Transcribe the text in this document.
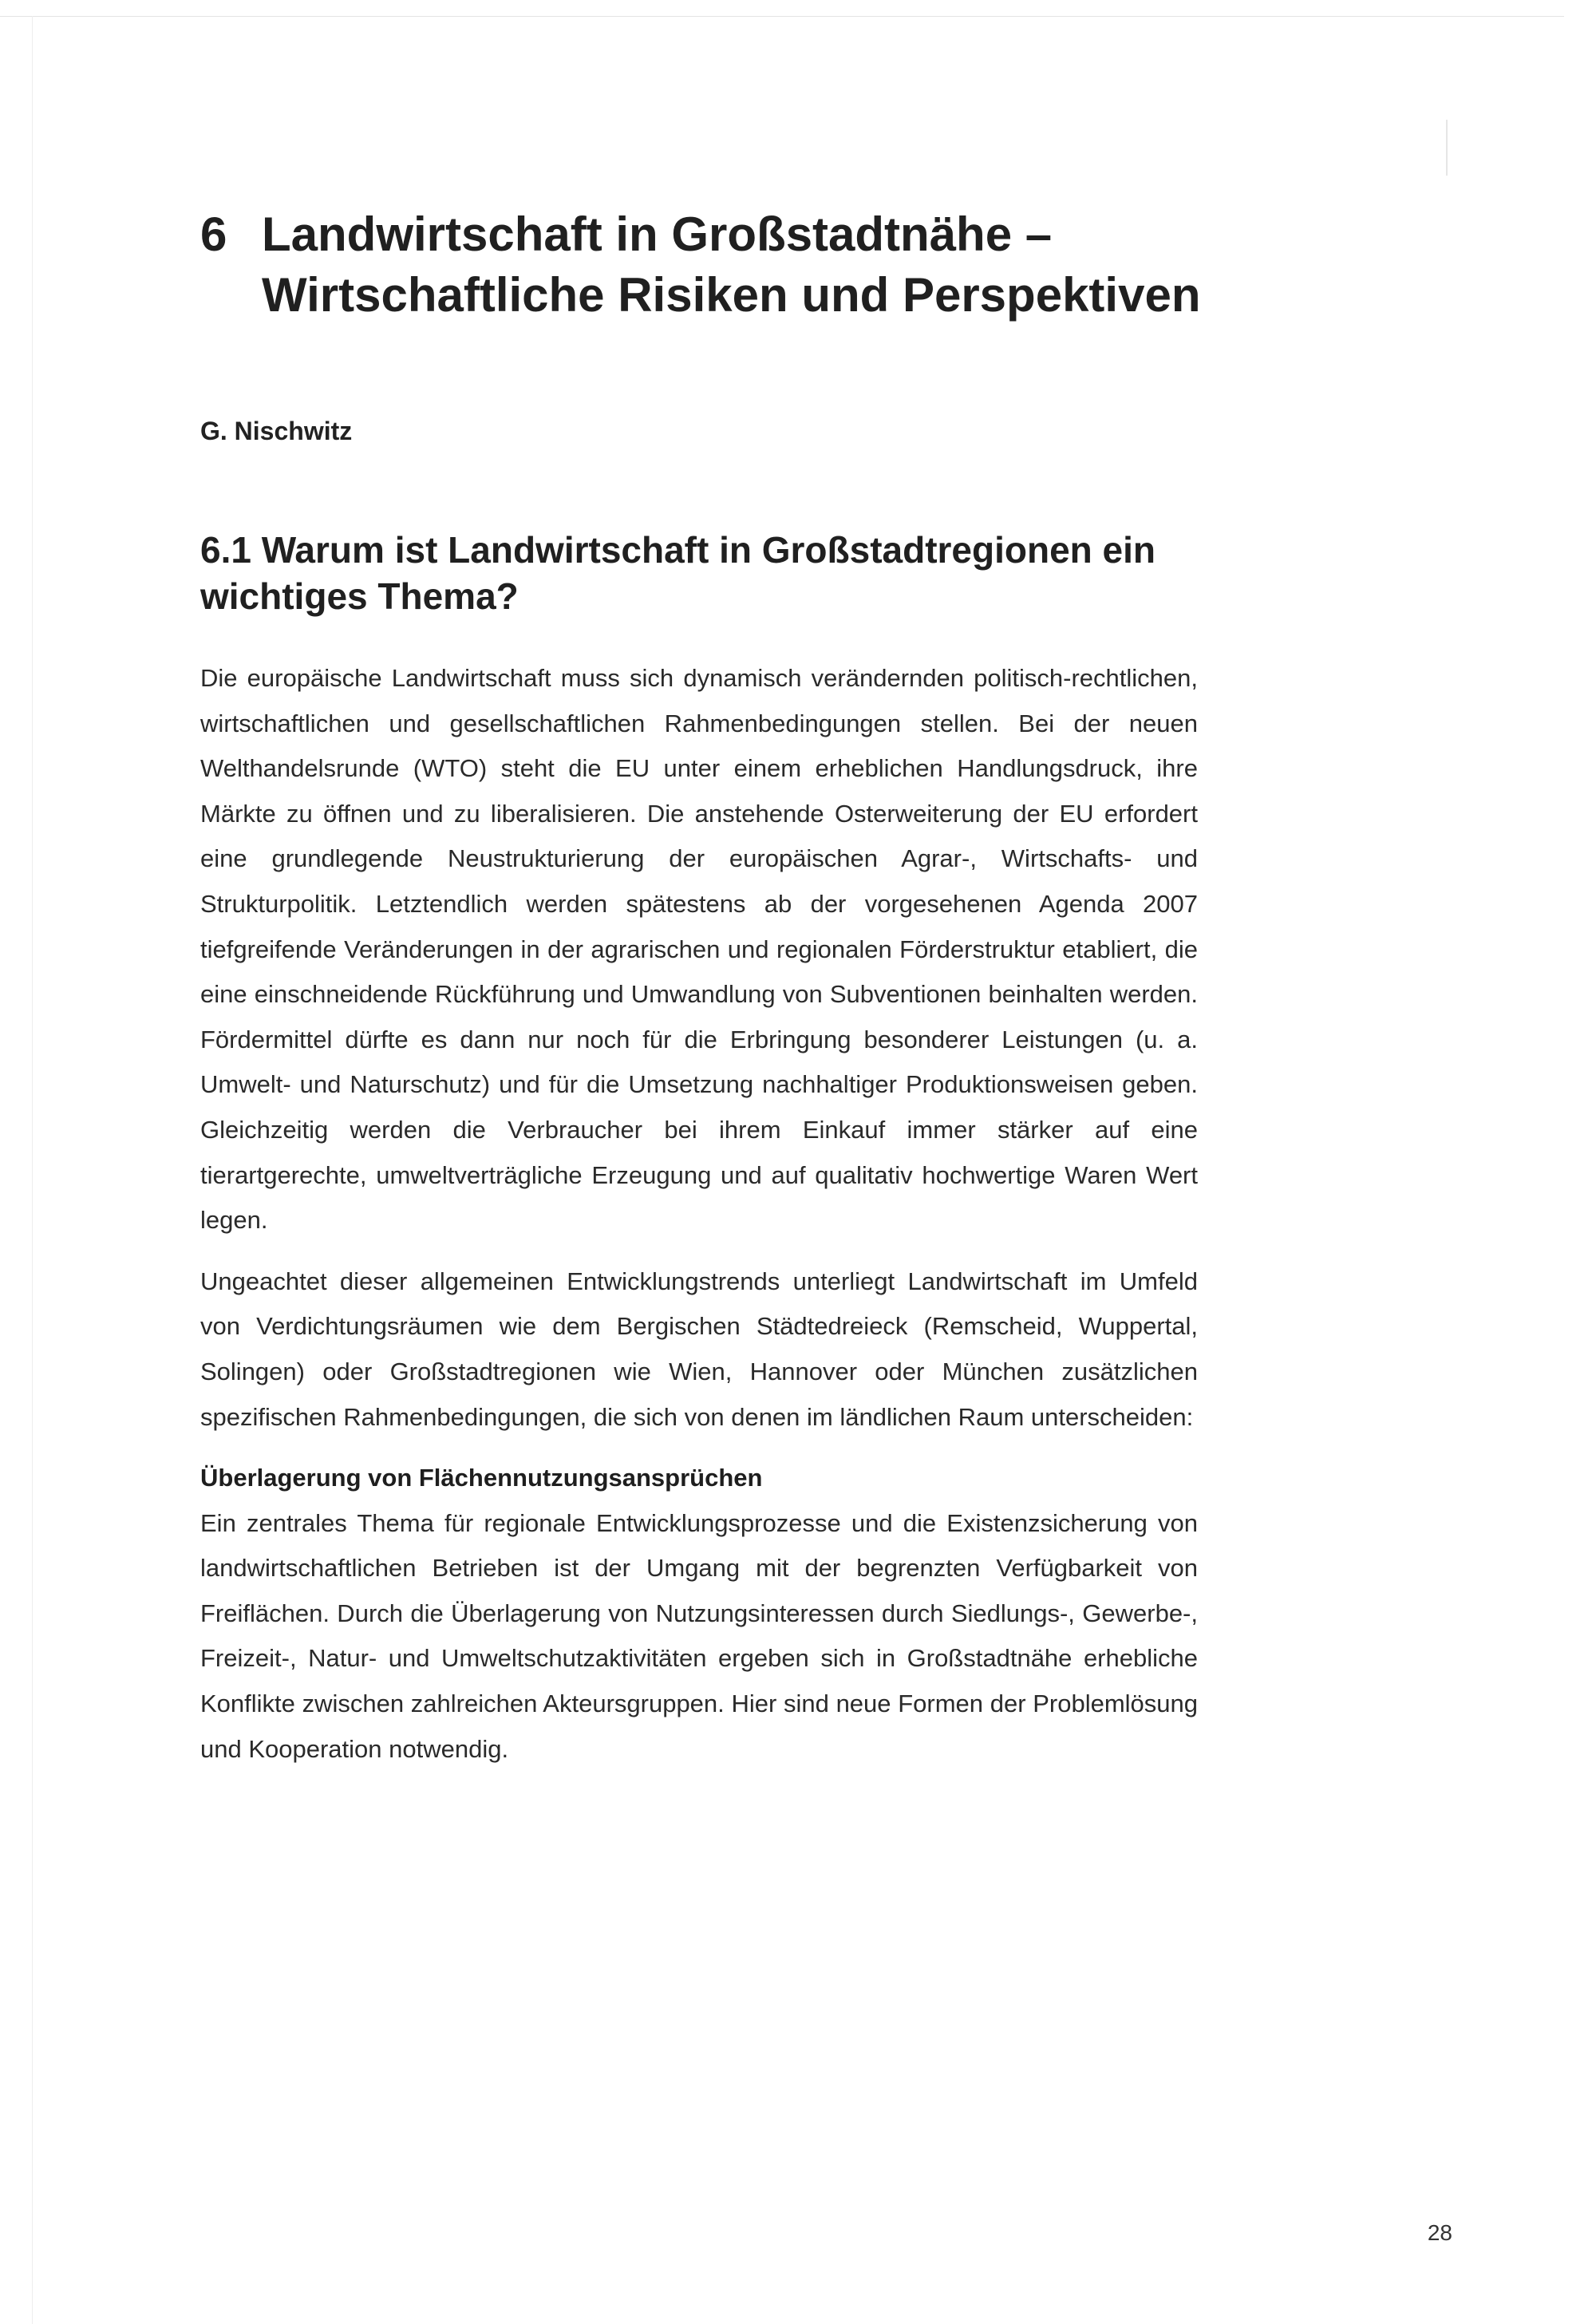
6 Landwirtschaft in Großstadtnähe – Wirtschaftliche Risiken und Perspektiven
G. Nischwitz
6.1 Warum ist Landwirtschaft in Großstadtregionen ein wichtiges Thema?

Die europäische Landwirtschaft muss sich dynamisch verändernden politisch-rechtlichen, wirtschaftlichen und gesellschaftlichen Rahmenbedingungen stellen. Bei der neuen Welthandelsrunde (WTO) steht die EU unter einem erheblichen Handlungsdruck, ihre Märkte zu öffnen und zu liberalisieren. Die anstehende Osterweiterung der EU erfordert eine grundlegende Neustrukturierung der europäischen Agrar-, Wirtschafts- und Strukturpolitik. Letztendlich werden spätestens ab der vorgesehenen Agenda 2007 tiefgreifende Veränderungen in der agrarischen und regionalen Förderstruktur etabliert, die eine einschneidende Rückführung und Umwandlung von Subventionen beinhalten werden. Fördermittel dürfte es dann nur noch für die Erbringung besonderer Leistungen (u. a. Umwelt- und Naturschutz) und für die Umsetzung nachhaltiger Produktionsweisen geben. Gleichzeitig werden die Verbraucher bei ihrem Einkauf immer stärker auf eine tierartgerechte, umweltverträgliche Erzeugung und auf qualitativ hochwertige Waren Wert legen.

Ungeachtet dieser allgemeinen Entwicklungstrends unterliegt Landwirtschaft im Umfeld von Verdichtungsräumen wie dem Bergischen Städtedreieck (Remscheid, Wuppertal, Solingen) oder Großstadtregionen wie Wien, Hannover oder München zusätzlichen spezifischen Rahmenbedingungen, die sich von denen im ländlichen Raum unterscheiden:

Überlagerung von Flächennutzungsansprüchen

Ein zentrales Thema für regionale Entwicklungsprozesse und die Existenzsicherung von landwirtschaftlichen Betrieben ist der Umgang mit der begrenzten Verfügbarkeit von Freiflächen. Durch die Überlagerung von Nutzungsinteressen durch Siedlungs-, Gewerbe-, Freizeit-, Natur- und Umweltschutzaktivitäten ergeben sich in Großstadtnähe erhebliche Konflikte zwischen zahlreichen Akteursgruppen. Hier sind neue Formen der Problemlösung und Kooperation notwendig.

28
